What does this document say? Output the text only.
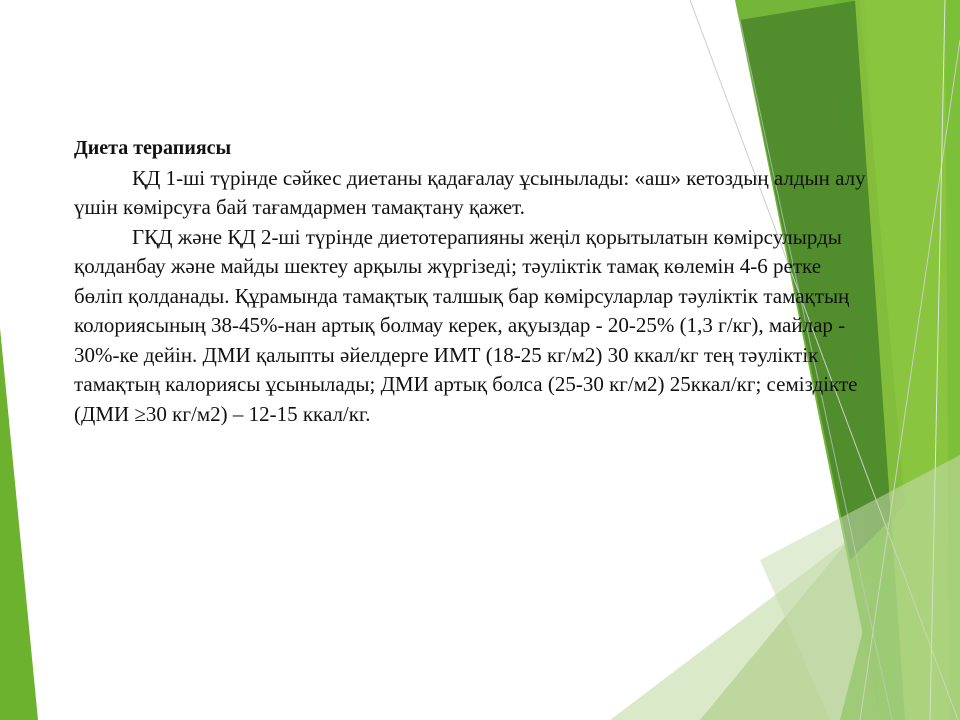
Диета терапиясы

ҚД 1-ші түрінде сәйкес диетаны қадағалау ұсынылады: «аш» кетоздың алдын алу үшін көмірсуға бай тағамдармен тамақтану қажет.

ГҚД және ҚД 2-ші түрінде диетотерапияны жеңіл қорытылатын көмірсулырды қолданбау және майды шектеу арқылы жүргізеді; тәуліктік тамақ көлемін 4-6 ретке бөліп қолданады. Құрамында тамақтық талшық бар көмірсуларлар тәуліктік тамақтың колориясының 38-45%-нан артық болмау керек, ақуыздар - 20-25% (1,3 г/кг), майлар - 30%-ке дейін. ДМИ қалыпты әйелдерге ИМТ (18-25 кг/м2) 30 ккал/кг тең тәуліктік тамақтың калориясы ұсынылады; ДМИ артық болса (25-30 кг/м2) 25ккал/кг; семіздікте (ДМИ ≥30 кг/м2) – 12-15 ккал/кг.
